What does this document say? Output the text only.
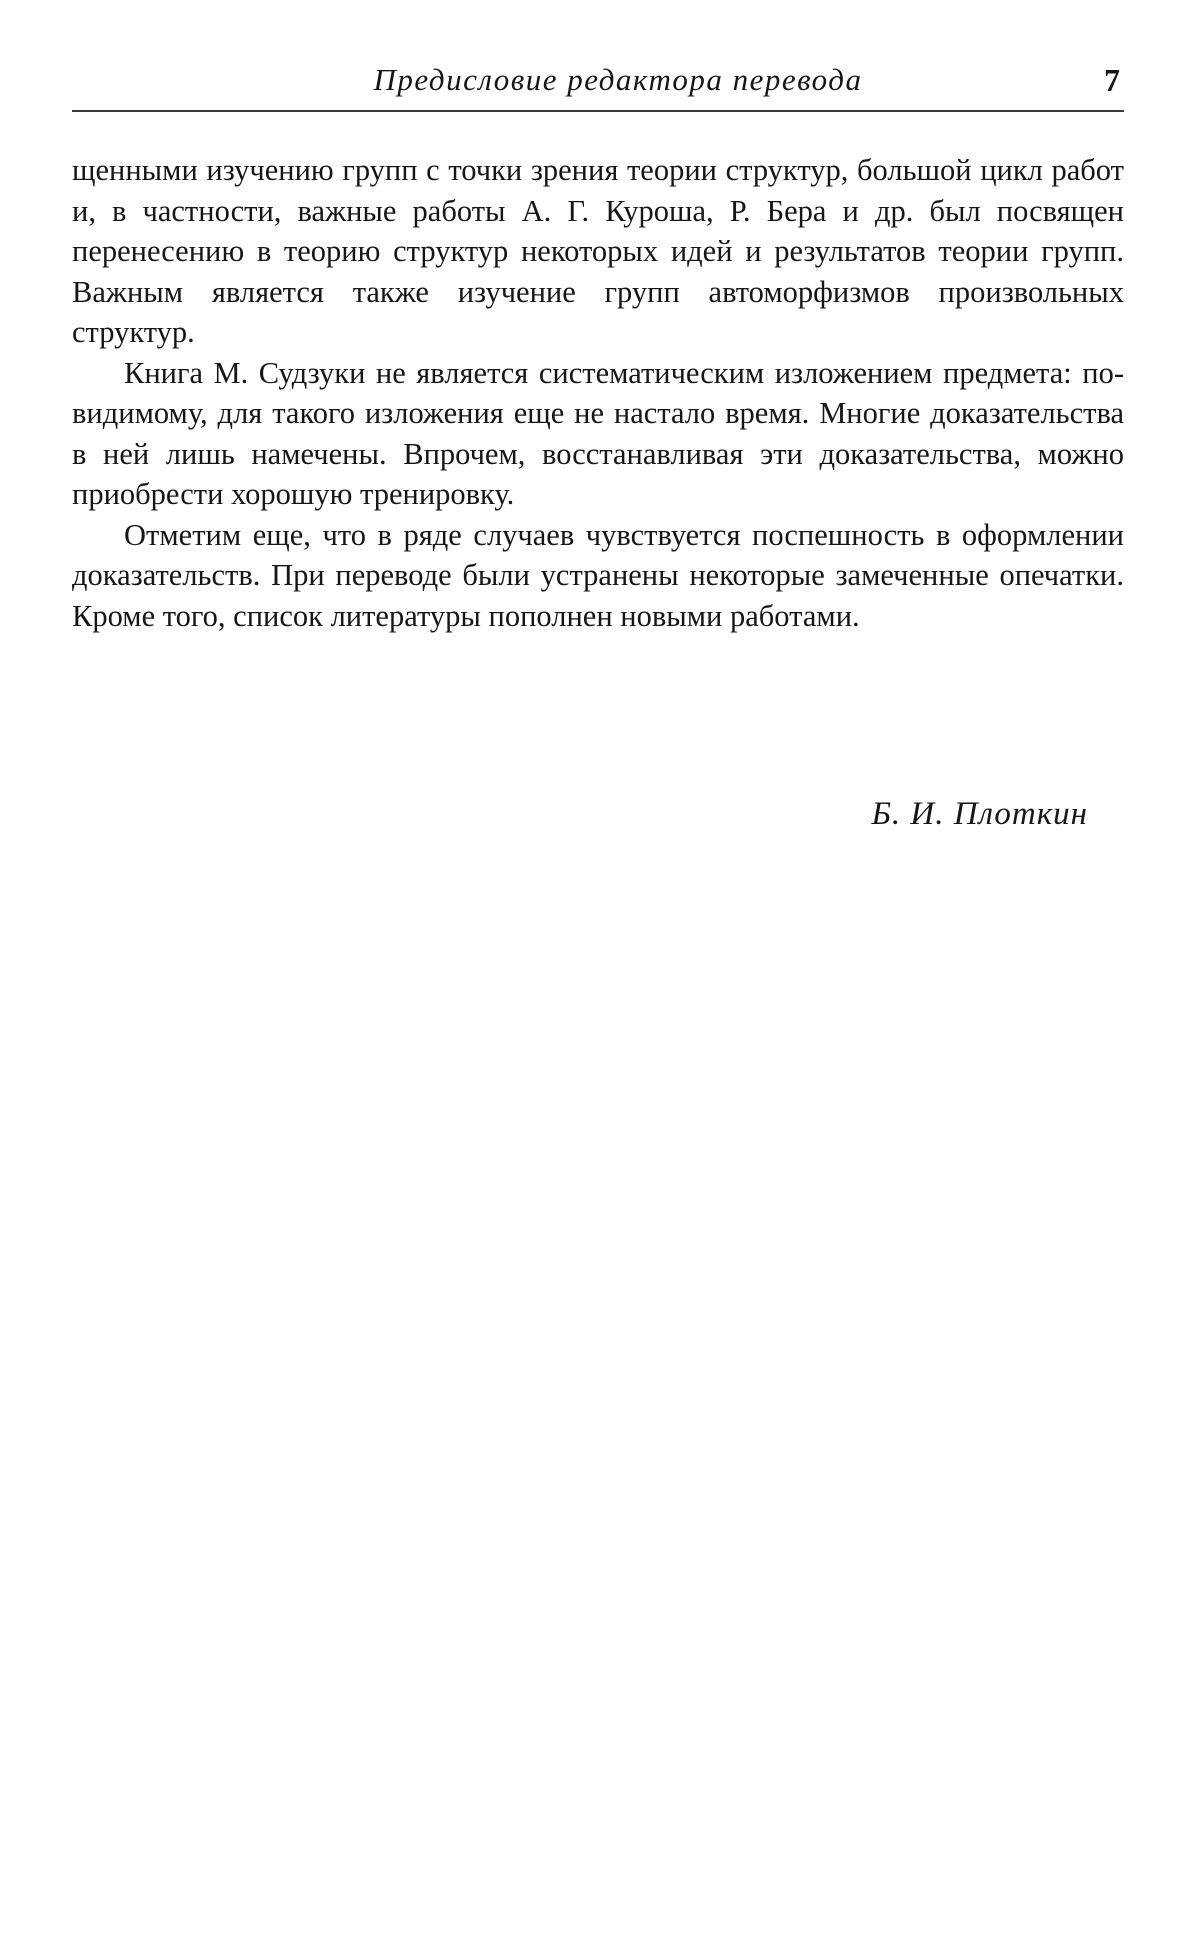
Предисловие редактора перевода	7

щенными изучению групп с точки зрения теории структур, большой цикл работ и, в частности, важные работы А. Г. Куроша, Р. Бера и др. был посвящен перенесению в теорию структур некоторых идей и результатов теории групп. Важным является также изучение групп автоморфизмов произвольных структур.

Книга М. Судзуки не является систематическим изложением предмета: по-видимому, для такого изложения еще не настало время. Многие доказательства в ней лишь намечены. Впрочем, восстанавливая эти доказательства, можно приобрести хорошую тренировку.

Отметим еще, что в ряде случаев чувствуется поспешность в оформлении доказательств. При переводе были устранены некоторые замеченные опечатки. Кроме того, список литературы пополнен новыми работами.

Б. И. Плоткин
